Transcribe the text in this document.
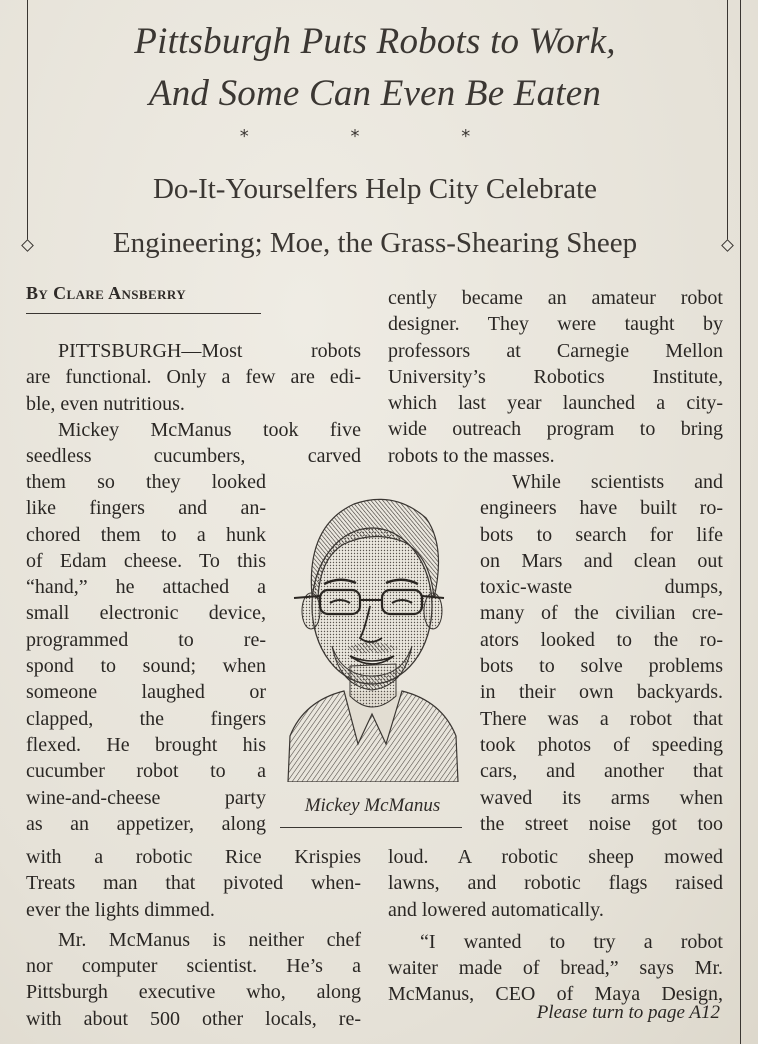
Pittsburgh Puts Robots to Work,
And Some Can Even Be Eaten
* * *
Do-It-Yourselfers Help City Celebrate
Engineering; Moe, the Grass-Shearing Sheep
By Clare Ansberry
PITTSBURGH—Most robots
are functional. Only a few are edi-
ble, even nutritious.
Mickey McManus took five
seedless cucumbers, carved
them so they looked
like fingers and an-
chored them to a hunk
of Edam cheese. To this
“hand,” he attached a
small electronic device,
programmed to re-
spond to sound; when
someone laughed or
clapped, the fingers
flexed. He brought his
cucumber robot to a
wine-and-cheese party
as an appetizer, along
with a robotic Rice Krispies
Treats man that pivoted when-
ever the lights dimmed.
Mr. McManus is neither chef
nor computer scientist. He’s a
Pittsburgh executive who, along
with about 500 other locals, re-
cently became an amateur robot
designer. They were taught by
professors at Carnegie Mellon
University’s Robotics Institute,
which last year launched a city-
wide outreach program to bring
robots to the masses.
While scientists and
engineers have built ro-
bots to search for life
on Mars and clean out
toxic-waste dumps,
many of the civilian cre-
ators looked to the ro-
bots to solve problems
in their own backyards.
There was a robot that
took photos of speeding
cars, and another that
waved its arms when
the street noise got too
loud. A robotic sheep mowed
lawns, and robotic flags raised
and lowered automatically.
“I wanted to try a robot
waiter made of bread,” says Mr.
McManus, CEO of Maya Design,
Mickey McManus
Please turn to page A12
